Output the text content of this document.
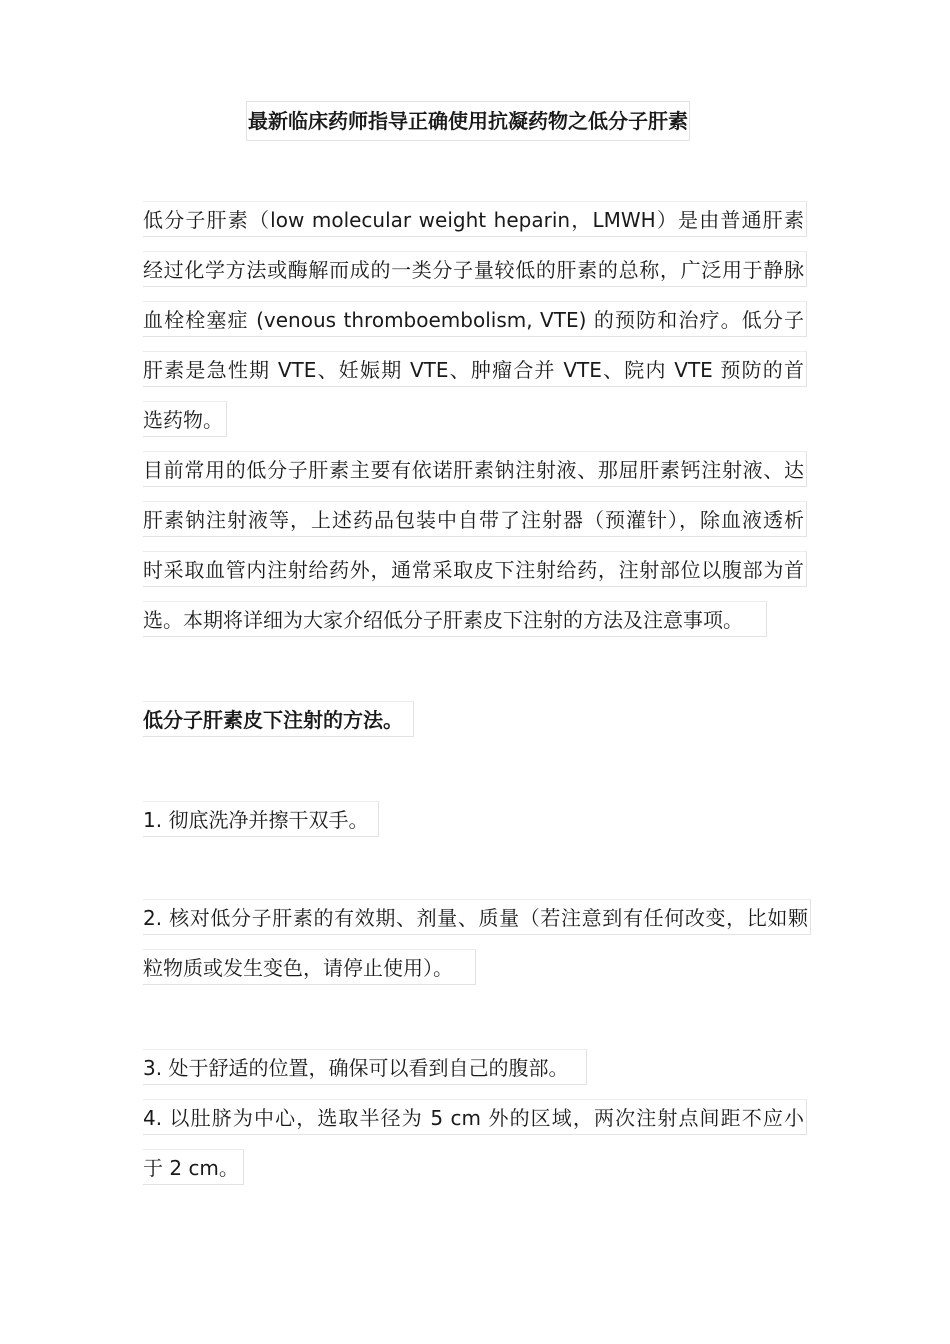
最新临床药师指导正确使用抗凝药物之低分子肝素
低分子肝素（low molecular weight heparin，LMWH）是由普通肝素
经过化学方法或酶解而成的一类分子量较低的肝素的总称，广泛用于静脉
血栓栓塞症 (venous thromboembolism, VTE) 的预防和治疗。低分子
肝素是急性期 VTE、妊娠期 VTE、肿瘤合并 VTE、院内 VTE 预防的首
选药物。
目前常用的低分子肝素主要有依诺肝素钠注射液、那屈肝素钙注射液、达
肝素钠注射液等，上述药品包装中自带了注射器（预灌针），除血液透析
时采取血管内注射给药外，通常采取皮下注射给药，注射部位以腹部为首
选。本期将详细为大家介绍低分子肝素皮下注射的方法及注意事项。
低分子肝素皮下注射的方法。
1. 彻底洗净并擦干双手。
2. 核对低分子肝素的有效期、剂量、质量（若注意到有任何改变，比如颗
粒物质或发生变色，请停止使用）。
3. 处于舒适的位置，确保可以看到自己的腹部。
4. 以肚脐为中心，选取半径为 5 cm 外的区域，两次注射点间距不应小
于 2 cm。
